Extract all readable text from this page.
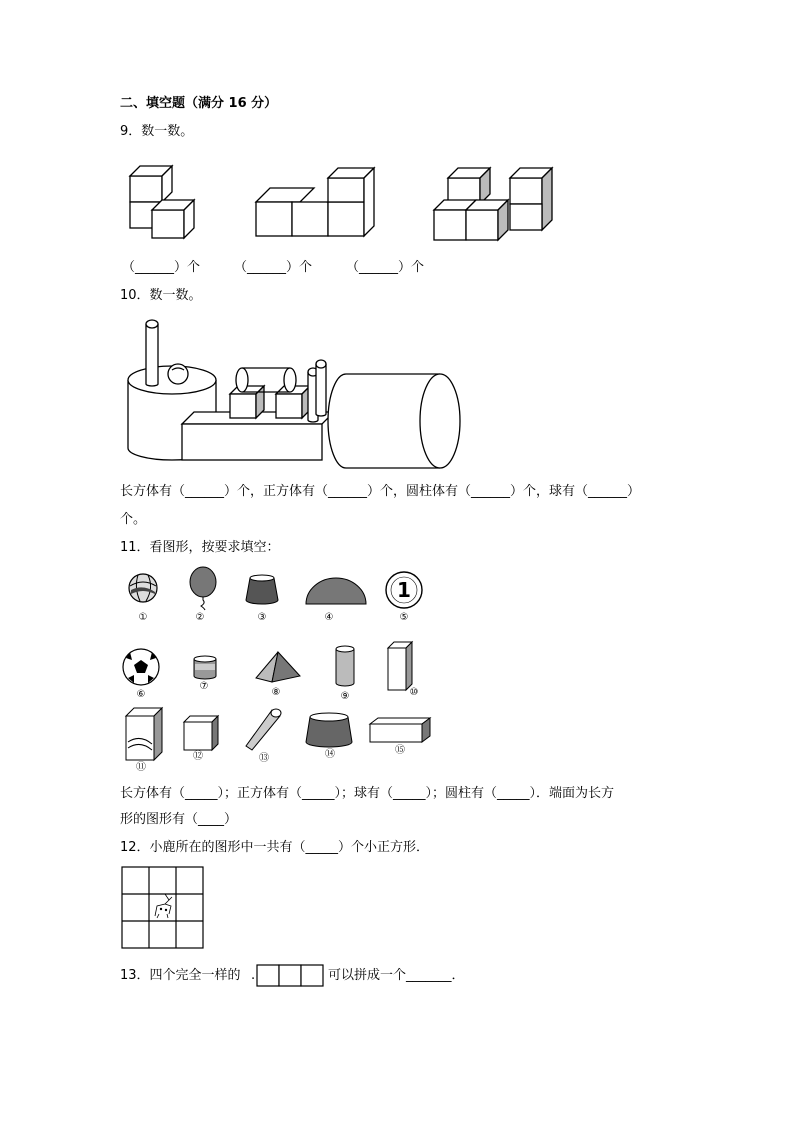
二、填空题（满分 16 分）
9．数一数。
（______）个	（______）个	（______）个
10．数一数。
长方体有（______）个，正方体有（______）个，圆柱体有（______）个，球有（______）
个。
11．看图形，按要求填空：
①	②	③	④
1
⑤
⑥
⑦
⑧	⑨	⑩
⑪
⑫	⑬	⑭	⑮
长方体有（_____）；正方体有（_____）；球有（_____）；圆柱有（_____）．端面为长方
形的图形有（____）
12．小鹿所在的图形中一共有（_____）个小正方形．
13．四个完全一样的 .	可以拼成一个_______．
